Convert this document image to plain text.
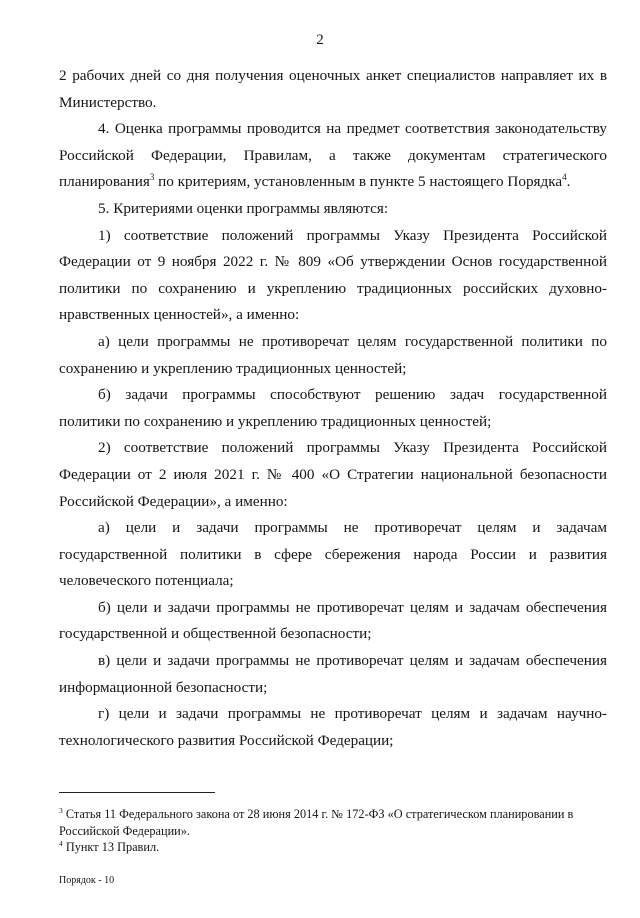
2

2 рабочих дней со дня получения оценочных анкет специалистов направляет их в Министерство.

4. Оценка программы проводится на предмет соответствия законодательству Российской Федерации, Правилам, а также документам стратегического планирования$^3$ по критериям, установленным в пункте 5 настоящего Порядка$^4$.

5. Критериями оценки программы являются:

1) соответствие положений программы Указу Президента Российской Федерации от 9 ноября 2022 г. № 809 «Об утверждении Основ государственной политики по сохранению и укреплению традиционных российских духовно-нравственных ценностей», а именно:

а) цели программы не противоречат целям государственной политики по сохранению и укреплению традиционных ценностей;

б) задачи программы способствуют решению задач государственной политики по сохранению и укреплению традиционных ценностей;

2) соответствие положений программы Указу Президента Российской Федерации от 2 июля 2021 г. № 400 «О Стратегии национальной безопасности Российской Федерации», а именно:

а) цели и задачи программы не противоречат целям и задачам государственной политики в сфере сбережения народа России и развития человеческого потенциала;

б) цели и задачи программы не противоречат целям и задачам обеспечения государственной и общественной безопасности;

в) цели и задачи программы не противоречат целям и задачам обеспечения информационной безопасности;

г) цели и задачи программы не противоречат целям и задачам научно-технологического развития Российской Федерации;

$^3$ Статья 11 Федерального закона от 28 июня 2014 г. № 172-ФЗ «О стратегическом планировании в Российской Федерации».

$^4$ Пункт 13 Правил.

Порядок - 10
